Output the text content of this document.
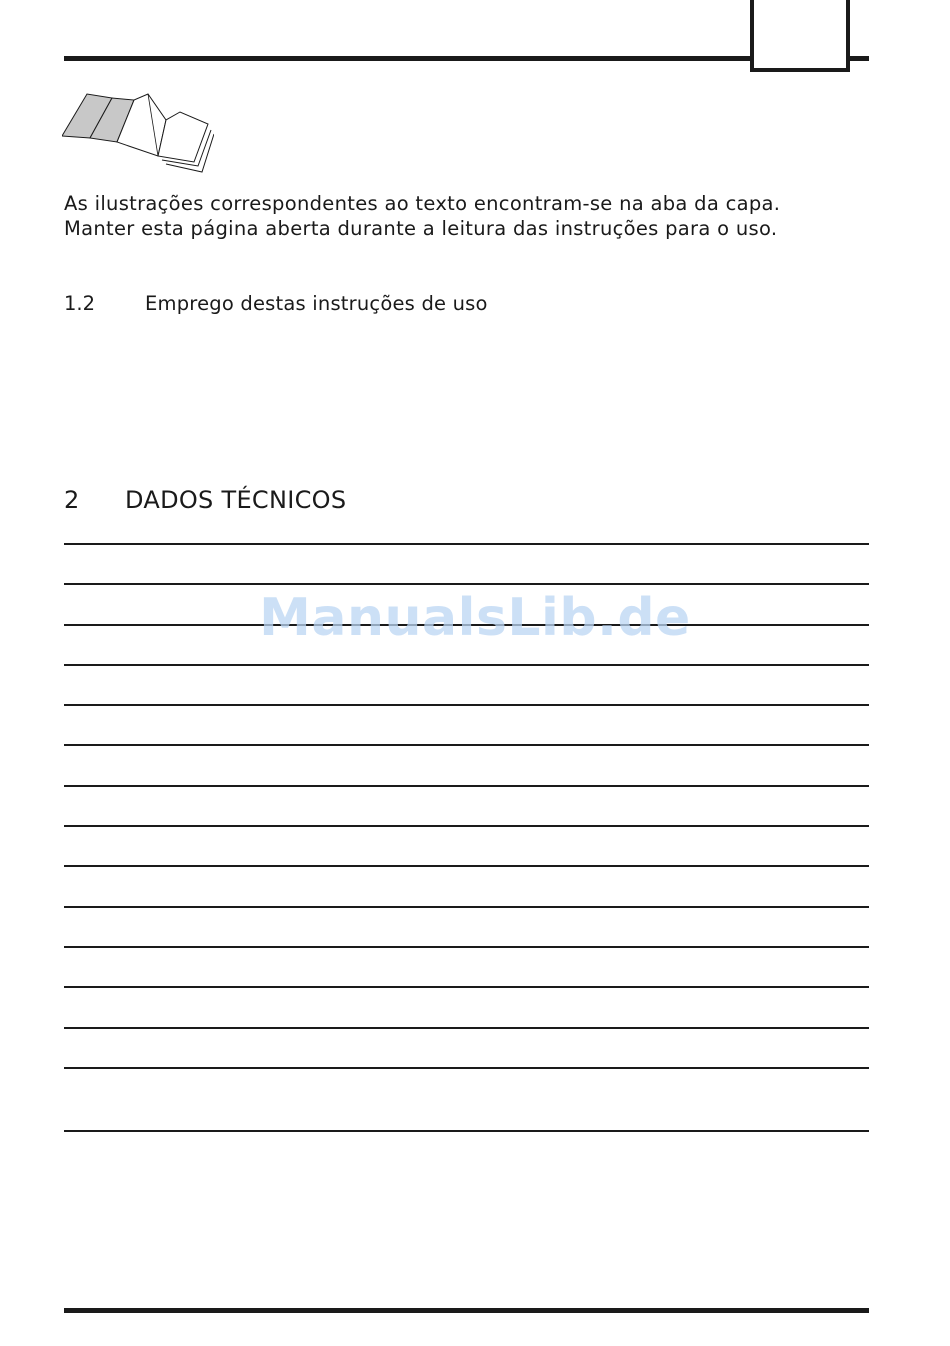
As ilustrações correspondentes ao texto encontram-se na aba da capa.
Manter esta página aberta durante a leitura das instruções para o uso.
1.2	Emprego destas instruções de uso
2 DADOS TÉCNICOS
ManualsLib.de
